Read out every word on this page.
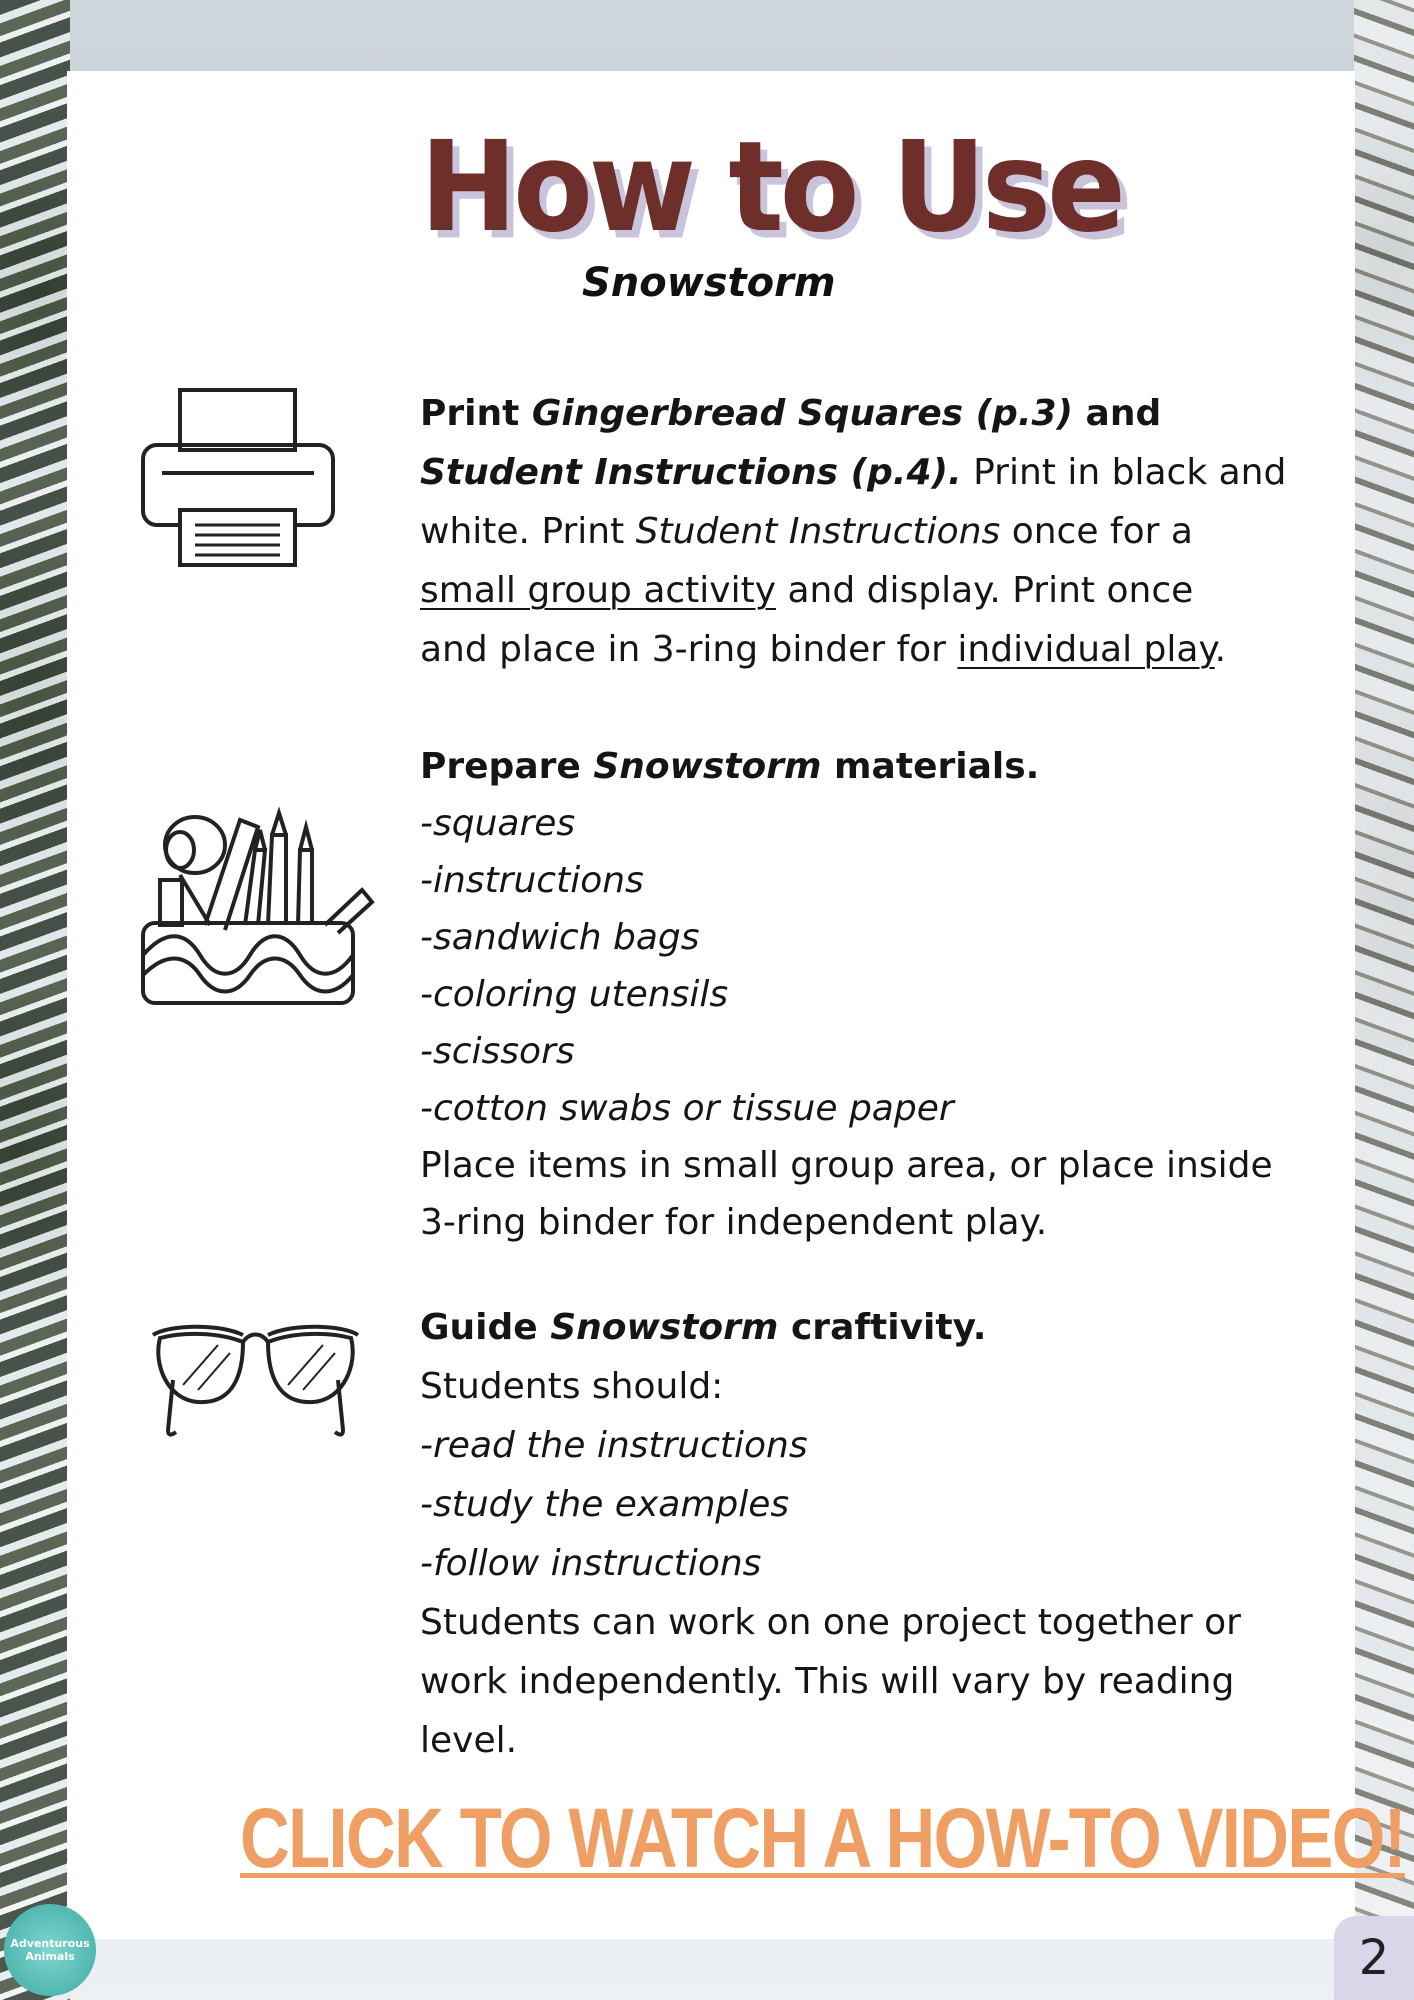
How to Use
Snowstorm
Print Gingerbread Squares (p.3) and
Student Instructions (p.4). Print in black and
white. Print Student Instructions once for a
small group activity and display. Print once
and place in 3-ring binder for individual play.
Prepare Snowstorm materials.
-squares
-instructions
-sandwich bags
-coloring utensils
-scissors
-cotton swabs or tissue paper
Place items in small group area, or place inside
3-ring binder for independent play.
Guide Snowstorm craftivity.
Students should:
-read the instructions
-study the examples
-follow instructions
Students can work on one project together or
work independently. This will vary by reading
level.
CLICK TO WATCH A HOW-TO VIDEO!
Adventurous Animals	2
